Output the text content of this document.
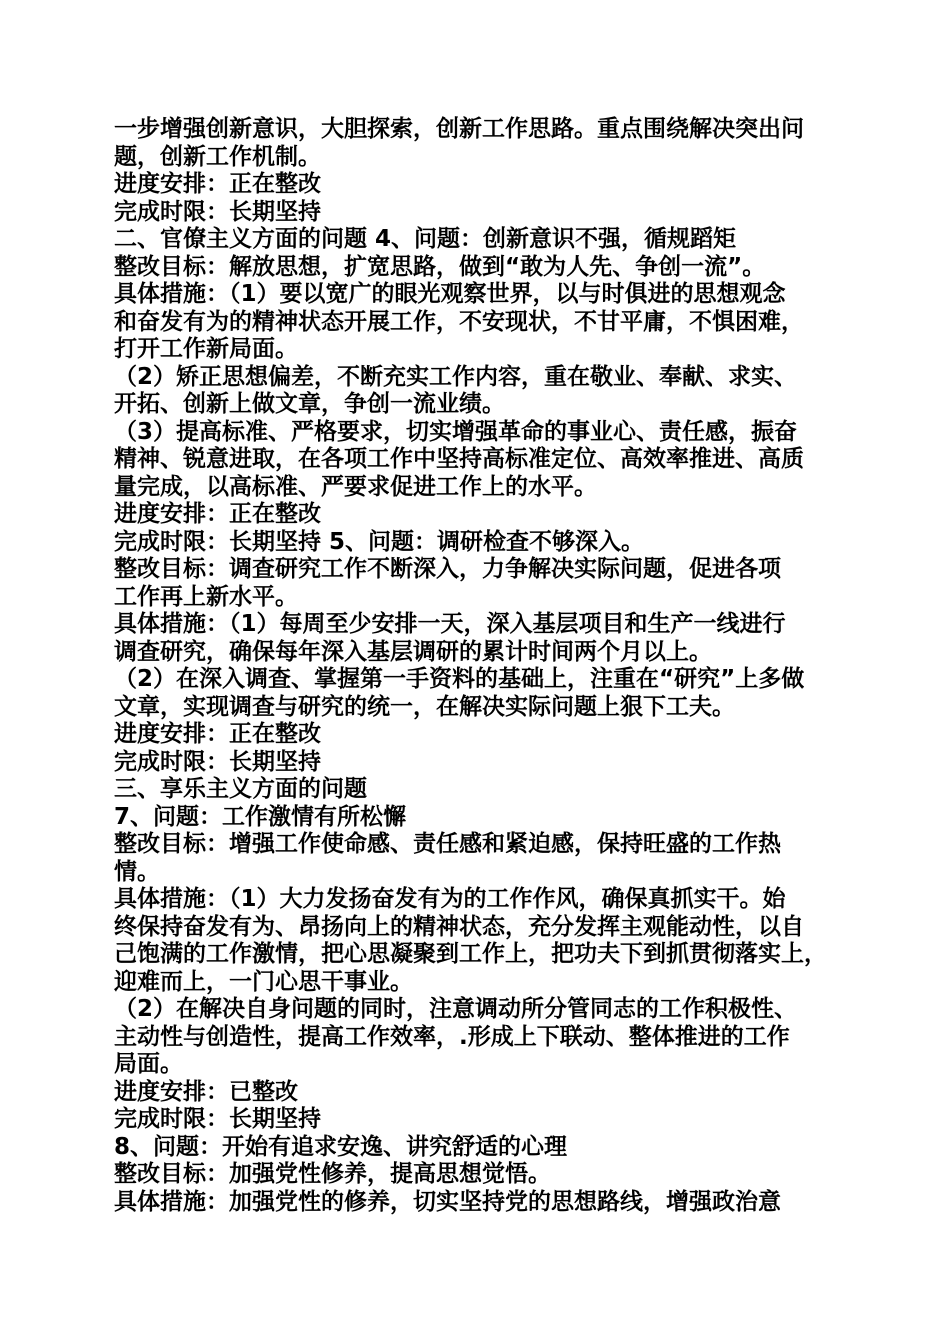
一步增强创新意识，大胆探索，创新工作思路。重点围绕解决突出问
题，创新工作机制。
进度安排：正在整改
完成时限：长期坚持
二、官僚主义方面的问题 4、问题：创新意识不强，循规蹈矩
整改目标：解放思想，扩宽思路，做到“敢为人先、争创一流”。
具体措施：（1）要以宽广的眼光观察世界，以与时俱进的思想观念
和奋发有为的精神状态开展工作，不安现状，不甘平庸，不惧困难，
打开工作新局面。
（2）矫正思想偏差，不断充实工作内容，重在敬业、奉献、求实、
开拓、创新上做文章，争创一流业绩。
（3）提高标准、严格要求，切实增强革命的事业心、责任感，振奋
精神、锐意进取，在各项工作中坚持高标准定位、高效率推进、高质
量完成，以高标准、严要求促进工作上的水平。
进度安排：正在整改
完成时限：长期坚持 5、问题：调研检查不够深入。
整改目标：调查研究工作不断深入，力争解决实际问题，促进各项
工作再上新水平。
具体措施：（1）每周至少安排一天，深入基层项目和生产一线进行
调查研究，确保每年深入基层调研的累计时间两个月以上。
（2）在深入调查、掌握第一手资料的基础上，注重在“研究”上多做
文章，实现调查与研究的统一，在解决实际问题上狠下工夫。
进度安排：正在整改
完成时限：长期坚持
三、享乐主义方面的问题
7、问题：工作激情有所松懈
整改目标：增强工作使命感、责任感和紧迫感，保持旺盛的工作热
情。
具体措施：（1）大力发扬奋发有为的工作作风，确保真抓实干。始
终保持奋发有为、昂扬向上的精神状态，充分发挥主观能动性，以自
己饱满的工作激情，把心思凝聚到工作上，把功夫下到抓贯彻落实上，
迎难而上，一门心思干事业。
（2）在解决自身问题的同时，注意调动所分管同志的工作积极性、
主动性与创造性，提高工作效率，.形成上下联动、整体推进的工作
局面。
进度安排：已整改
完成时限：长期坚持
8、问题：开始有追求安逸、讲究舒适的心理
整改目标：加强党性修养，提高思想觉悟。
具体措施：加强党性的修养，切实坚持党的思想路线，增强政治意
